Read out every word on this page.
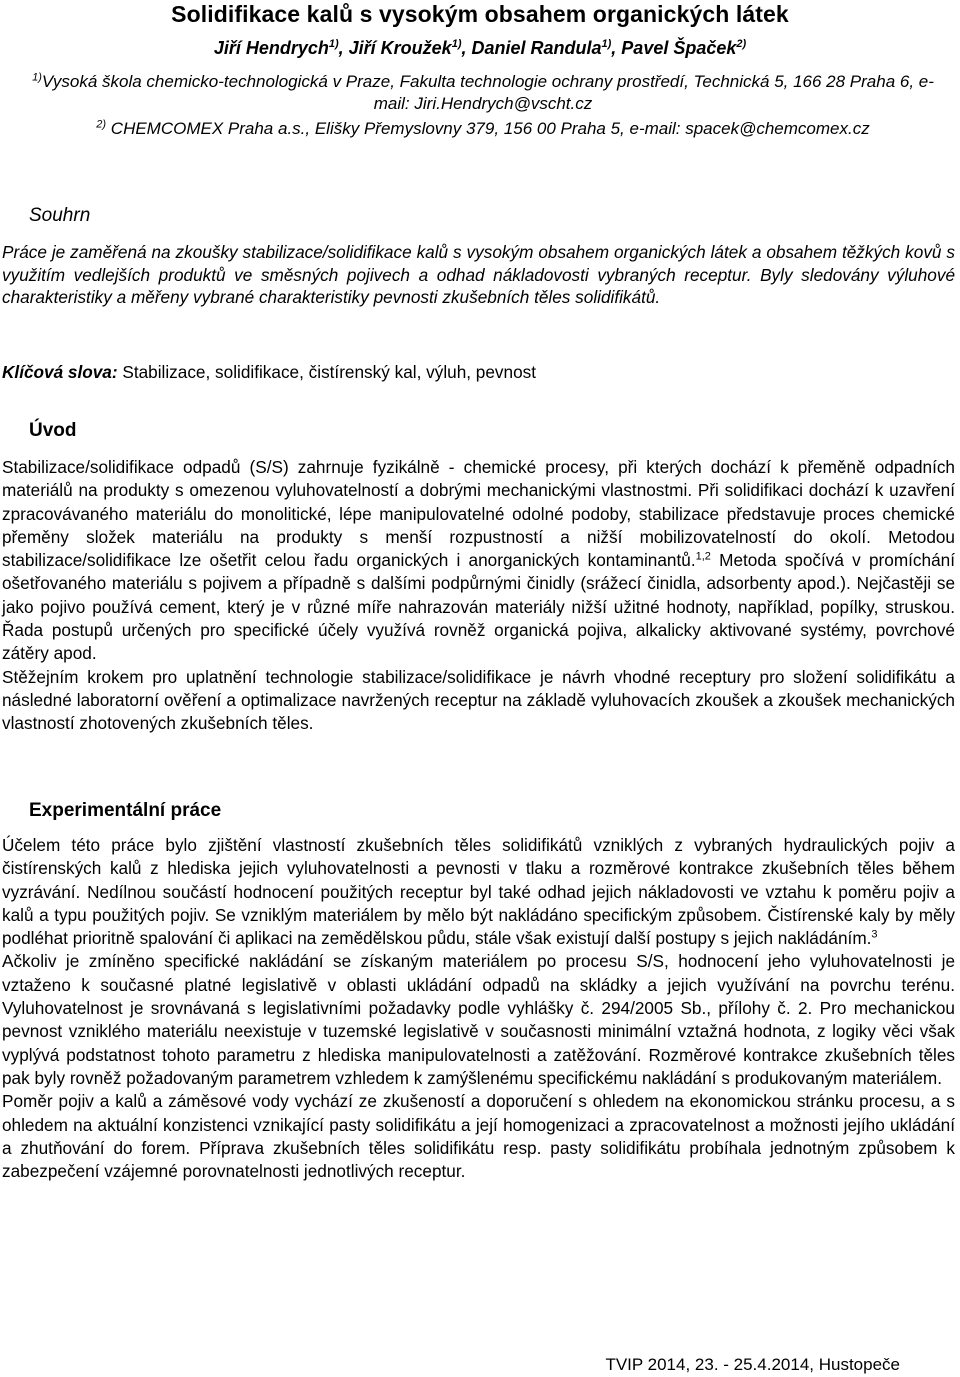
Solidifikace kalů s vysokým obsahem organických látek
Jiří Hendrych$^{1)}$, Jiří Kroužek$^{1)}$, Daniel Randula$^{1)}$, Pavel Špaček$^{2)}$
$^{1)}$Vysoká škola chemicko-technologická v Praze, Fakulta technologie ochrany prostředí, Technická 5, 166 28 Praha 6, e-mail: Jiri.Hendrych@vscht.cz
$^{2)}$ CHEMCOMEX Praha a.s., Elišky Přemyslovny 379, 156 00 Praha 5, e-mail: spacek@chemcomex.cz
Souhrn
Práce je zaměřená na zkoušky stabilizace/solidifikace kalů s vysokým obsahem organických látek a obsahem těžkých kovů s využitím vedlejších produktů ve směsných pojivech a odhad nákladovosti vybraných receptur. Byly sledovány výluhové charakteristiky a měřeny vybrané charakteristiky pevnosti zkušebních těles solidifikátů.
Klíčová slova: Stabilizace, solidifikace, čistírenský kal, výluh, pevnost
Úvod
Stabilizace/solidifikace odpadů (S/S) zahrnuje fyzikálně - chemické procesy, při kterých dochází k přeměně odpadních materiálů na produkty s omezenou vyluhovatelností a dobrými mechanickými vlastnostmi. Při solidifikaci dochází k uzavření zpracovávaného materiálu do monolitické, lépe manipulovatelné odolné podoby, stabilizace představuje proces chemické přeměny složek materiálu na produkty s menší rozpustností a nižší mobilizovatelností do okolí. Metodou stabilizace/solidifikace lze ošetřit celou řadu organických i anorganických kontaminantů.$^{1,2}$ Metoda spočívá v promíchání ošetřovaného materiálu s pojivem a případně s dalšími podpůrnými činidly (srážecí činidla, adsorbenty apod.). Nejčastěji se jako pojivo používá cement, který je v různé míře nahrazován materiály nižší užitné hodnoty, například, popílky, struskou. Řada postupů určených pro specifické účely využívá rovněž organická pojiva, alkalicky aktivované systémy, povrchové zátěry apod.
Stěžejním krokem pro uplatnění technologie stabilizace/solidifikace je návrh vhodné receptury pro složení solidifikátu a následné laboratorní ověření a optimalizace navržených receptur na základě vyluhovacích zkoušek a zkoušek mechanických vlastností zhotovených zkušebních těles.
Experimentální práce
Účelem této práce bylo zjištění vlastností zkušebních těles solidifikátů vzniklých z vybraných hydraulických pojiv a čistírenských kalů z hlediska jejich vyluhovatelnosti a pevnosti v tlaku a rozměrové kontrakce zkušebních těles během vyzrávání. Nedílnou součástí hodnocení použitých receptur byl také odhad jejich nákladovosti ve vztahu k poměru pojiv a kalů a typu použitých pojiv. Se vzniklým materiálem by mělo být nakládáno specifickým způsobem. Čistírenské kaly by měly podléhat prioritně spalování či aplikaci na zemědělskou půdu, stále však existují další postupy s jejich nakládáním.$^3$
Ačkoliv je zmíněno specifické nakládání se získaným materiálem po procesu S/S, hodnocení jeho vyluhovatelnosti je vztaženo k současné platné legislativě v oblasti ukládání odpadů na skládky a jejich využívání na povrchu terénu. Vyluhovatelnost je srovnávaná s legislativními požadavky podle vyhlášky č. 294/2005 Sb., přílohy č. 2. Pro mechanickou pevnost vzniklého materiálu neexistuje v tuzemské legislativě v současnosti minimální vztažná hodnota, z logiky věci však vyplývá podstatnost tohoto parametru z hlediska manipulovatelnosti a zatěžování. Rozměrové kontrakce zkušebních těles pak byly rovněž požadovaným parametrem vzhledem k zamýšlenému specifickému nakládání s produkovaným materiálem.
Poměr pojiv a kalů a záměsové vody vychází ze zkušeností a doporučení s ohledem na ekonomickou stránku procesu, a s ohledem na aktuální konzistenci vznikající pasty solidifikátu a její homogenizaci a zpracovatelnost a možnosti jejího ukládání a zhutňování do forem. Příprava zkušebních těles solidifikátu resp. pasty solidifikátu probíhala jednotným způsobem k zabezpečení vzájemné porovnatelnosti jednotlivých receptur.
TVIP 2014, 23. - 25.4.2014, Hustopeče
